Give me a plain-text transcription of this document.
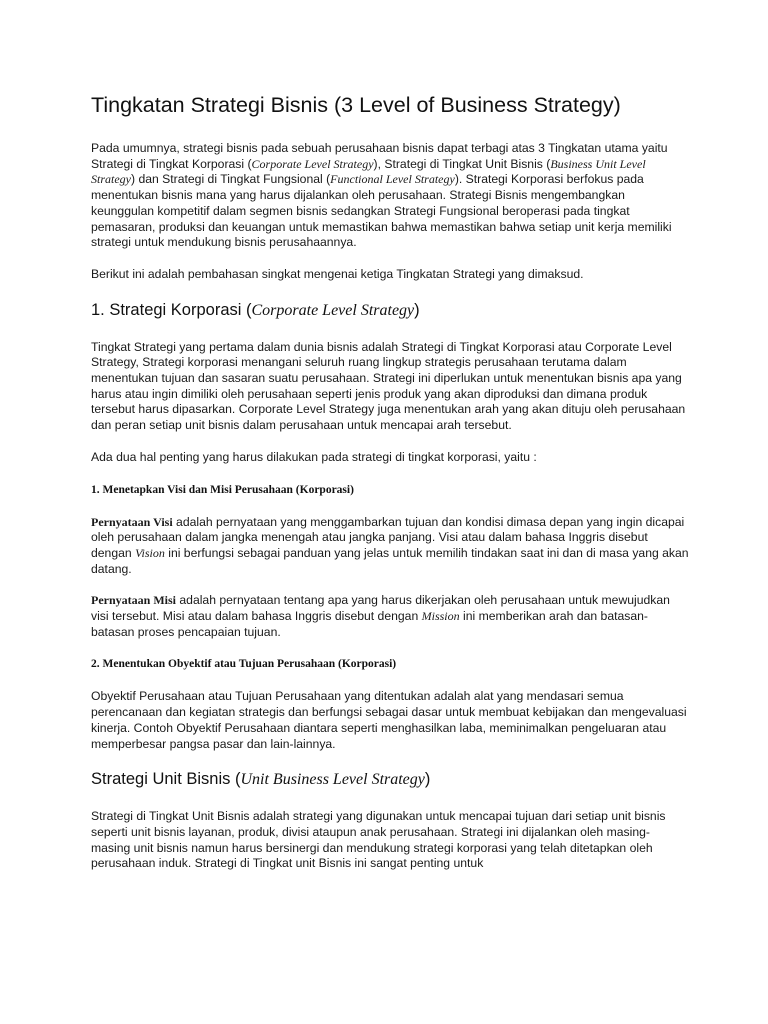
Tingkatan Strategi Bisnis (3 Level of Business Strategy)

Pada umumnya, strategi bisnis pada sebuah perusahaan bisnis dapat terbagi atas 3 Tingkatan utama yaitu Strategi di Tingkat Korporasi (Corporate Level Strategy), Strategi di Tingkat Unit Bisnis (Business Unit Level Strategy) dan Strategi di Tingkat Fungsional (Functional Level Strategy). Strategi Korporasi berfokus pada menentukan bisnis mana yang harus dijalankan oleh perusahaan. Strategi Bisnis mengembangkan keunggulan kompetitif dalam segmen bisnis sedangkan Strategi Fungsional beroperasi pada tingkat pemasaran, produksi dan keuangan untuk memastikan bahwa memastikan bahwa setiap unit kerja memiliki strategi untuk mendukung bisnis perusahaannya.

Berikut ini adalah pembahasan singkat mengenai ketiga Tingkatan Strategi yang dimaksud.

1. Strategi Korporasi (Corporate Level Strategy)

Tingkat Strategi yang pertama dalam dunia bisnis adalah Strategi di Tingkat Korporasi atau Corporate Level Strategy, Strategi korporasi menangani seluruh ruang lingkup strategis perusahaan terutama dalam menentukan tujuan dan sasaran suatu perusahaan. Strategi ini diperlukan untuk menentukan bisnis apa yang harus atau ingin dimiliki oleh perusahaan seperti jenis produk yang akan diproduksi dan dimana produk tersebut harus dipasarkan. Corporate Level Strategy juga menentukan arah yang akan dituju oleh perusahaan dan peran setiap unit bisnis dalam perusahaan untuk mencapai arah tersebut.

Ada dua hal penting yang harus dilakukan pada strategi di tingkat korporasi, yaitu :

1. Menetapkan Visi dan Misi Perusahaan (Korporasi)

Pernyataan Visi adalah pernyataan yang menggambarkan tujuan dan kondisi dimasa depan yang ingin dicapai oleh perusahaan dalam jangka menengah atau jangka panjang. Visi atau dalam bahasa Inggris disebut dengan Vision ini berfungsi sebagai panduan yang jelas untuk memilih tindakan saat ini dan di masa yang akan datang.

Pernyataan Misi adalah pernyataan tentang apa yang harus dikerjakan oleh perusahaan untuk mewujudkan visi tersebut. Misi atau dalam bahasa Inggris disebut dengan Mission ini memberikan arah dan batasan-batasan proses pencapaian tujuan.

2. Menentukan Obyektif atau Tujuan Perusahaan (Korporasi)

Obyektif Perusahaan atau Tujuan Perusahaan yang ditentukan adalah alat yang mendasari semua perencanaan dan kegiatan strategis dan berfungsi sebagai dasar untuk membuat kebijakan dan mengevaluasi kinerja. Contoh Obyektif Perusahaan diantara seperti menghasilkan laba, meminimalkan pengeluaran atau memperbesar pangsa pasar dan lain-lainnya.

Strategi Unit Bisnis (Unit Business Level Strategy)

Strategi di Tingkat Unit Bisnis adalah strategi yang digunakan untuk mencapai tujuan dari setiap unit bisnis seperti unit bisnis layanan, produk, divisi ataupun anak perusahaan. Strategi ini dijalankan oleh masing-masing unit bisnis namun harus bersinergi dan mendukung strategi korporasi yang telah ditetapkan oleh perusahaan induk. Strategi di Tingkat unit Bisnis ini sangat penting untuk
